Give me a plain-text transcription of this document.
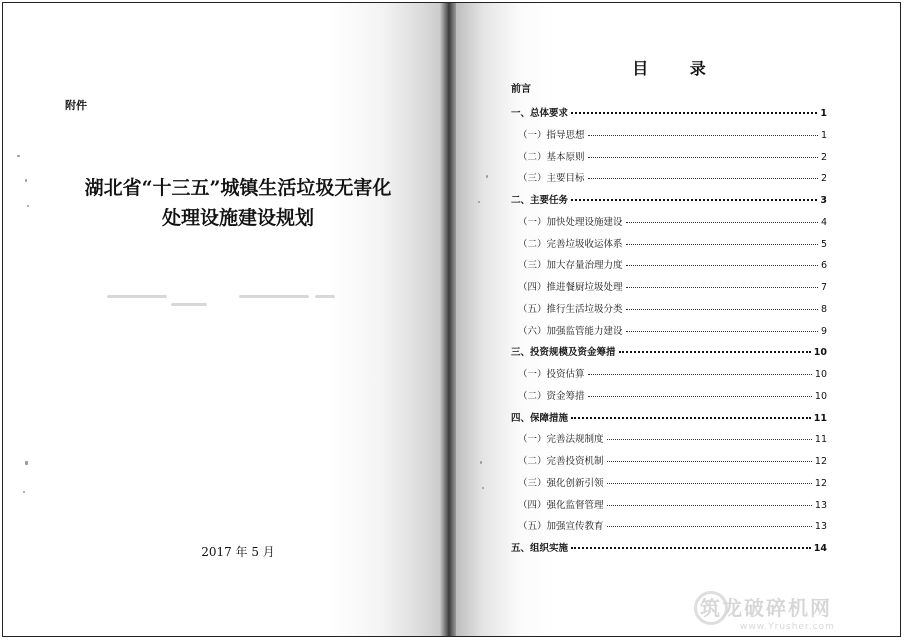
附件
湖北省“十三五”城镇生活垃圾无害化
处理设施建设规划
2017 年 5 月
目 录
前言
一、总体要求	1
（一）指导思想	1
（二）基本原则	2
（三）主要目标	2
二、主要任务	3
（一）加快处理设施建设	4
（二）完善垃圾收运体系	5
（三）加大存量治理力度	6
（四）推进餐厨垃圾处理	7
（五）推行生活垃圾分类	8
（六）加强监管能力建设	9
三、投资规模及资金筹措	10
（一）投资估算	10
（二）资金筹措	10
四、保障措施	11
（一）完善法规制度	11
（二）完善投资机制	12
（三）强化创新引领	12
（四）强化监督管理	13
（五）加强宣传教育	13
五、组织实施	14
筑龙破碎机网
www.Yrusher.com
